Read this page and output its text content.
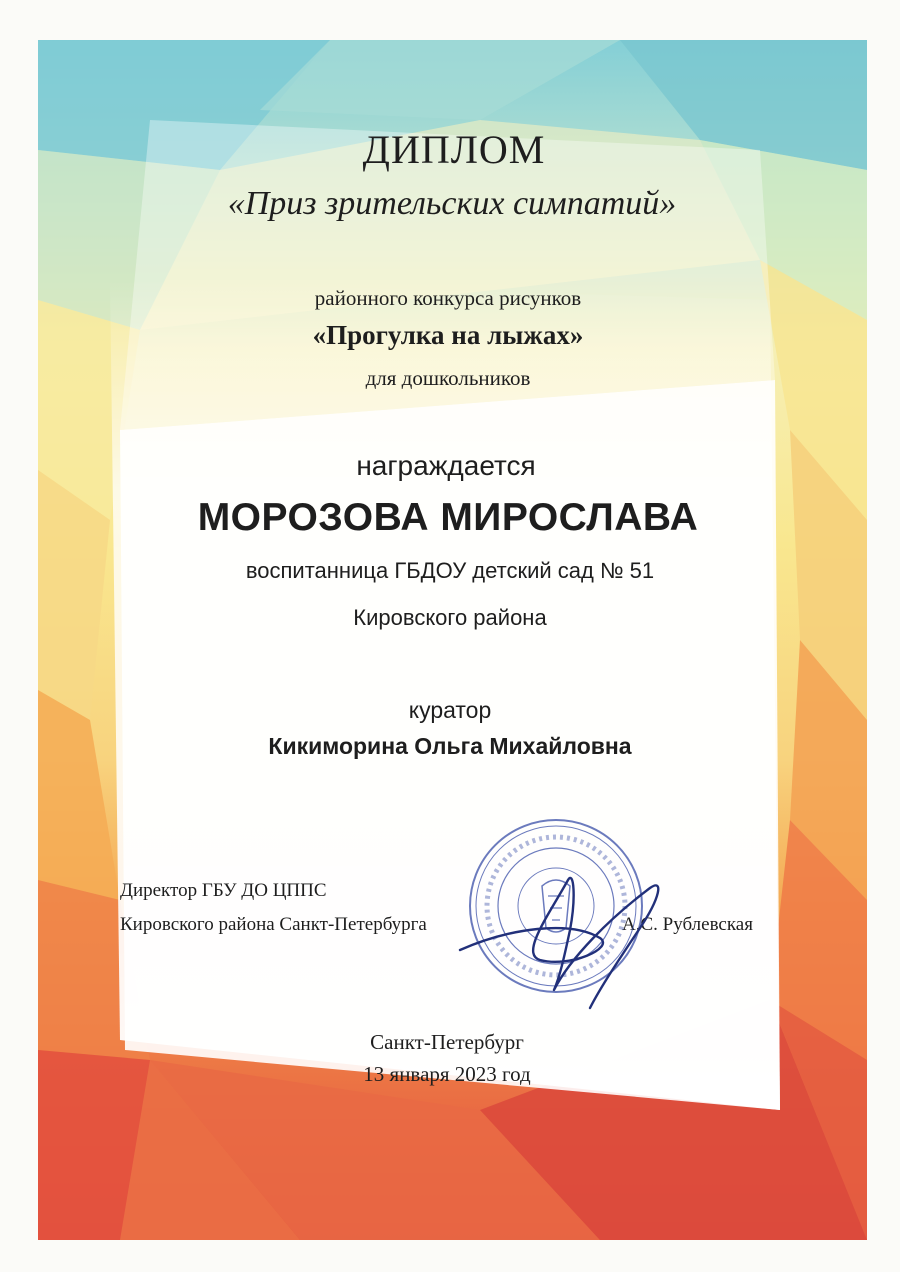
ДИПЛОМ
«Приз зрительских симпатий»
районного конкурса рисунков
«Прогулка на лыжах»
для дошкольников
награждается
МОРОЗОВА МИРОСЛАВА
воспитанница ГБДОУ детский сад № 51
Кировского района
куратор
Кикиморина Ольга Михайловна
Директор ГБУ ДО ЦППС
Кировского района Санкт-Петербурга	А.С. Рублевская
Санкт-Петербург
13 января 2023 год
